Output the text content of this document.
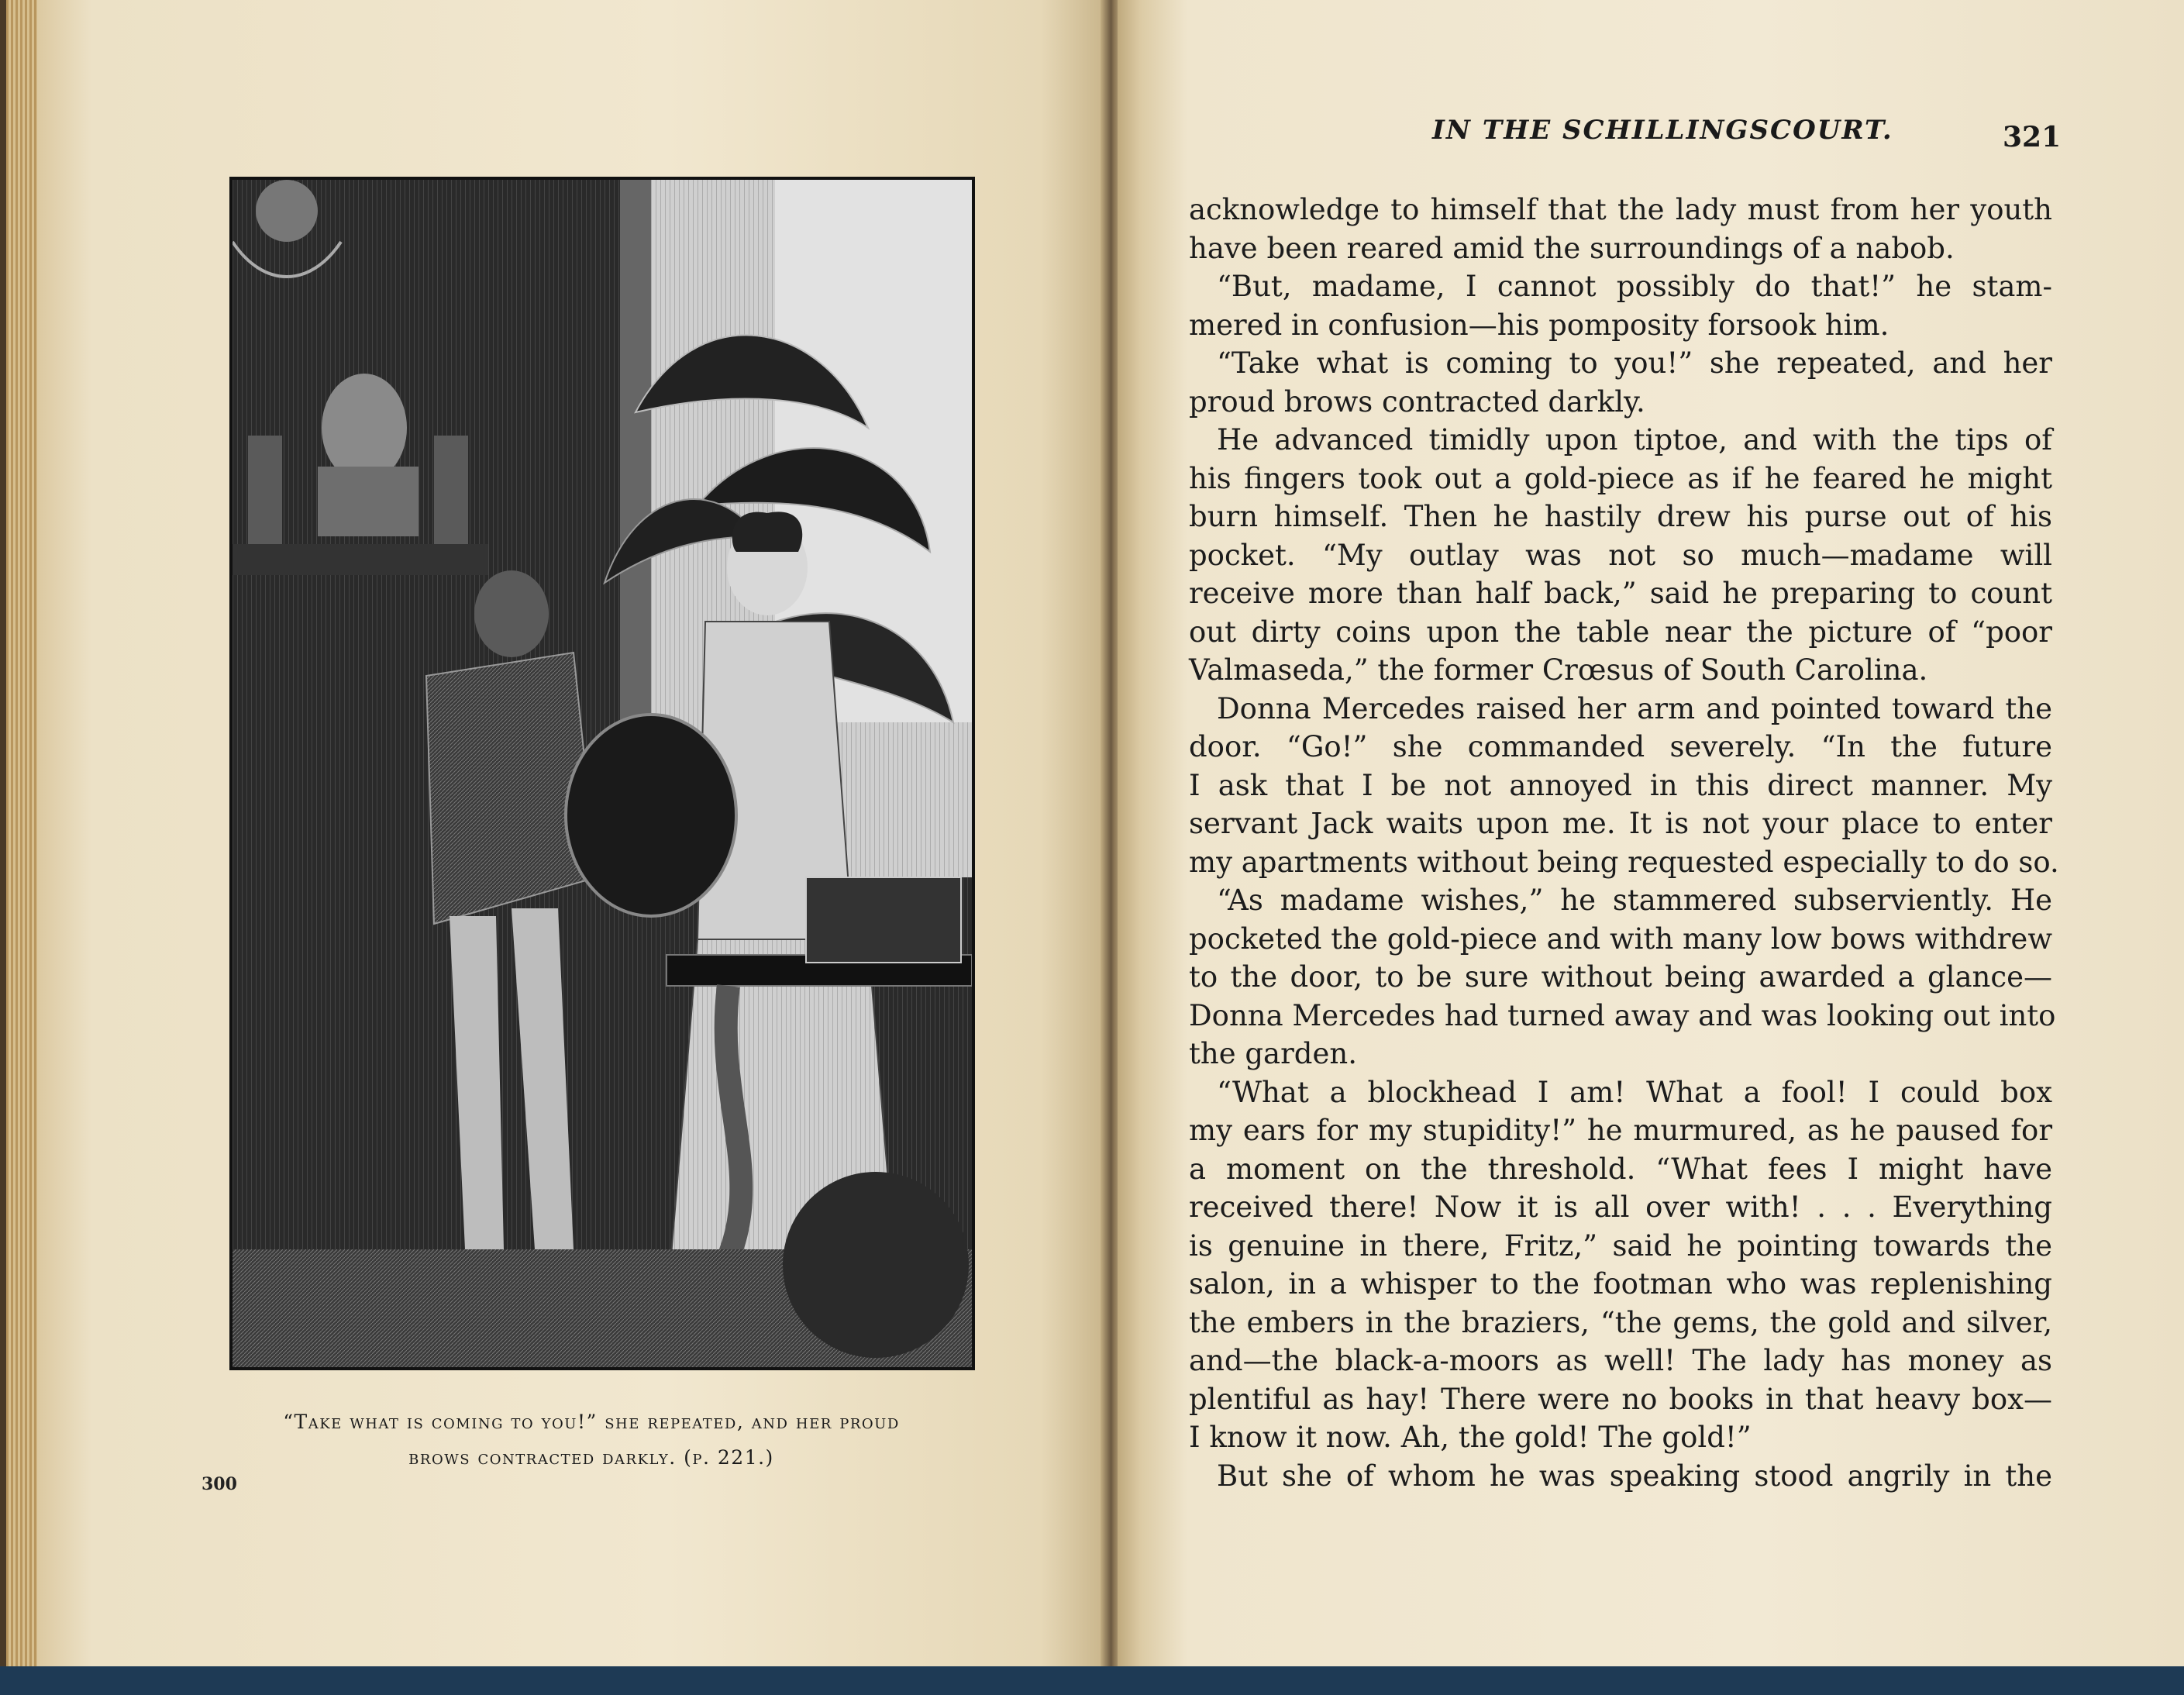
“Take what is coming to you!” she repeated, and her proud
brows contracted darkly. (p. 221.)
300
IN THE SCHILLINGSCOURT.	321
acknowledge to himself that the lady must from her youth
have been reared amid the surroundings of a nabob.
“But, madame, I cannot possibly do that!” he stam-
mered in confusion—his pomposity forsook him.
“Take what is coming to you!” she repeated, and her
proud brows contracted darkly.
He advanced timidly upon tiptoe, and with the tips of
his fingers took out a gold-piece as if he feared he might
burn himself. Then he hastily drew his purse out of his
pocket. “My outlay was not so much—madame will
receive more than half back,” said he preparing to count
out dirty coins upon the table near the picture of “poor
Valmaseda,” the former Crœsus of South Carolina.
Donna Mercedes raised her arm and pointed toward the
door. “Go!” she commanded severely. “In the future
I ask that I be not annoyed in this direct manner. My
servant Jack waits upon me. It is not your place to enter
my apartments without being requested especially to do so.
“As madame wishes,” he stammered subserviently. He
pocketed the gold-piece and with many low bows withdrew
to the door, to be sure without being awarded a glance—
Donna Mercedes had turned away and was looking out into
the garden.
“What a blockhead I am! What a fool! I could box
my ears for my stupidity!” he murmured, as he paused for
a moment on the threshold. “What fees I might have
received there! Now it is all over with! . . . Everything
is genuine in there, Fritz,” said he pointing towards the
salon, in a whisper to the footman who was replenishing
the embers in the braziers, “the gems, the gold and silver,
and—the black-a-moors as well! The lady has money as
plentiful as hay! There were no books in that heavy box—
I know it now. Ah, the gold! The gold!”
But she of whom he was speaking stood angrily in the
